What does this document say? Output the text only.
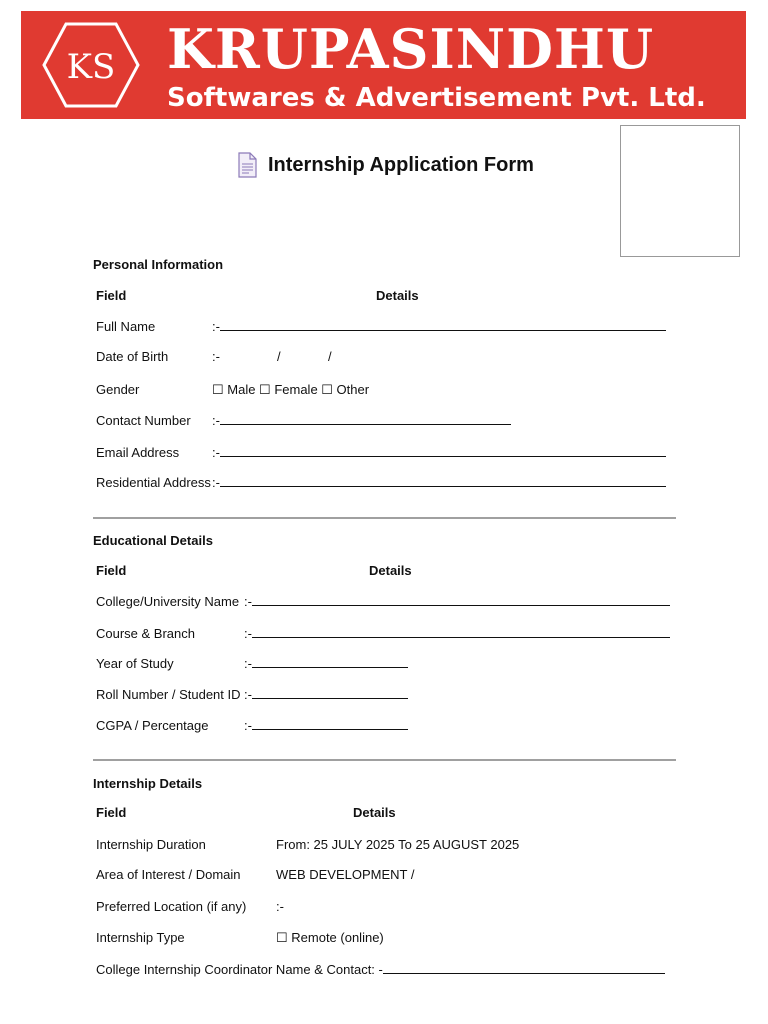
KS KRUPASINDHU
Softwares & Advertisement Pvt. Ltd.
Internship Application Form
Personal Information
Field	Details
Full Name	:-
Date of Birth	:-	/	/
Gender	☐ Male ☐ Female ☐ Other
Contact Number :-
Email Address	:-
Residential Address :-
Educational Details
Field	Details
College/University Name :-
Course & Branch	:-
Year of Study	:-
Roll Number / Student ID :-
CGPA / Percentage	:-
Internship Details
Field	Details
Internship Duration	From: 25 JULY 2025 To 25 AUGUST 2025
Area of Interest / Domain	WEB DEVELOPMENT /
Preferred Location (if any) :-
Internship Type	☐ Remote (online)
College Internship Coordinator Name & Contact: -
